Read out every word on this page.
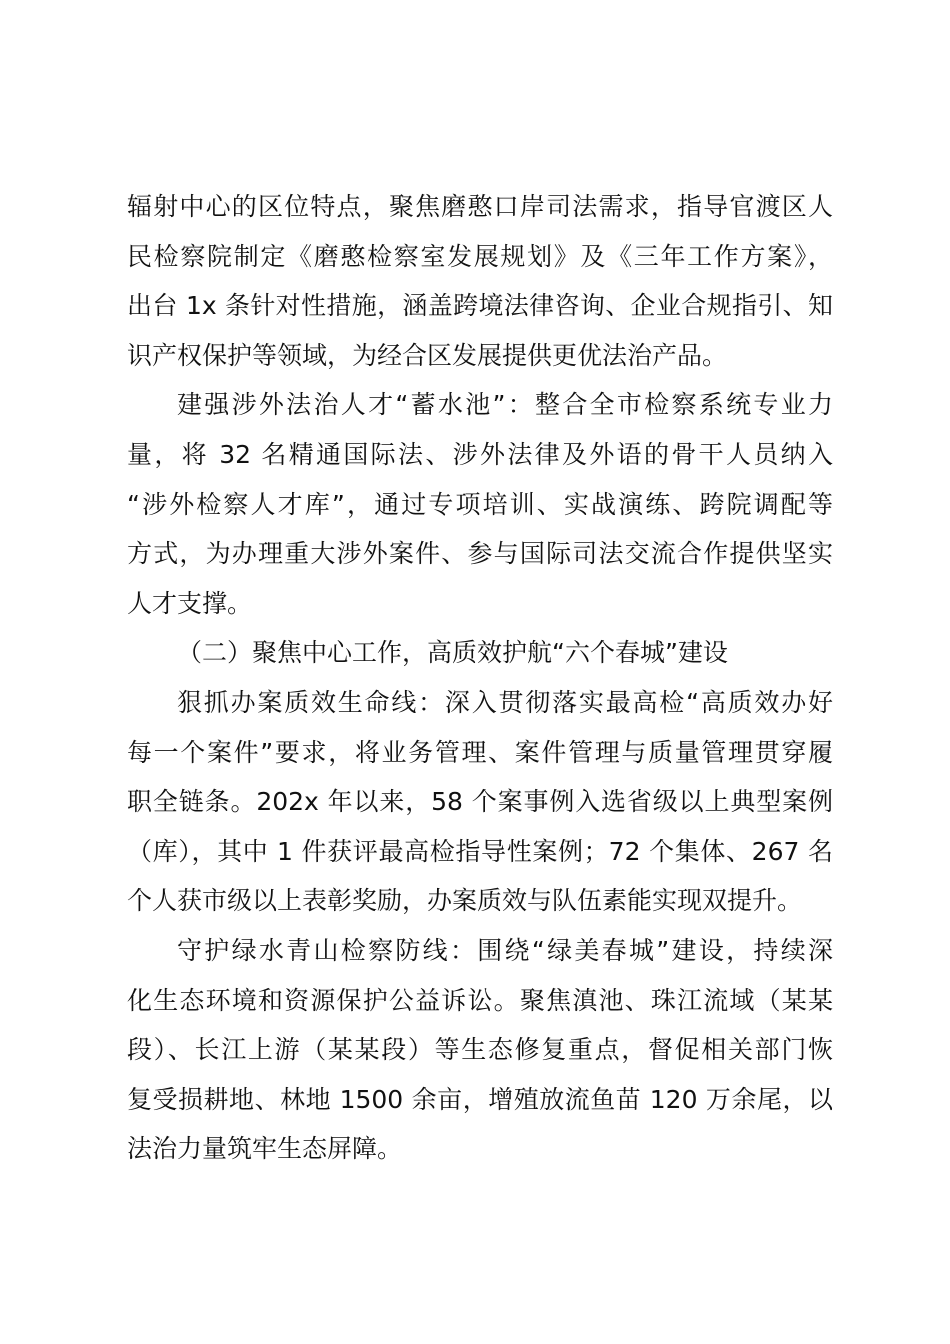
辐射中心的区位特点，聚焦磨憨口岸司法需求，指导官渡区人
民检察院制定《磨憨检察室发展规划》及《三年工作方案》，
出台 1x 条针对性措施，涵盖跨境法律咨询、企业合规指引、知
识产权保护等领域，为经合区发展提供更优法治产品。
建强涉外法治人才“蓄水池”：整合全市检察系统专业力
量，将 32 名精通国际法、涉外法律及外语的骨干人员纳入
“涉外检察人才库”，通过专项培训、实战演练、跨院调配等
方式，为办理重大涉外案件、参与国际司法交流合作提供坚实
人才支撑。
（二）聚焦中心工作，高质效护航“六个春城”建设
狠抓办案质效生命线：深入贯彻落实最高检“高质效办好
每一个案件”要求，将业务管理、案件管理与质量管理贯穿履
职全链条。202x 年以来，58 个案事例入选省级以上典型案例
（库），其中 1 件获评最高检指导性案例；72 个集体、267 名
个人获市级以上表彰奖励，办案质效与队伍素能实现双提升。
守护绿水青山检察防线：围绕“绿美春城”建设，持续深
化生态环境和资源保护公益诉讼。聚焦滇池、珠江流域（某某
段）、长江上游（某某段）等生态修复重点，督促相关部门恢
复受损耕地、林地 1500 余亩，增殖放流鱼苗 120 万余尾，以
法治力量筑牢生态屏障。
